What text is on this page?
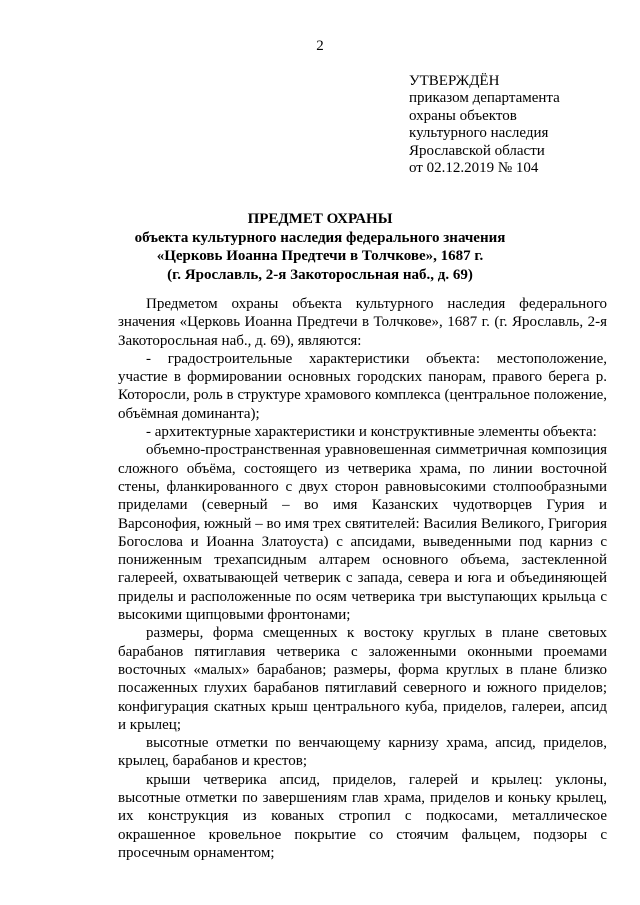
2
УТВЕРЖДЁН
приказом департамента
охраны объектов
культурного наследия
Ярославской области
от 02.12.2019 № 104
ПРЕДМЕТ ОХРАНЫ
объекта культурного наследия федерального значения
«Церковь Иоанна Предтечи в Толчкове», 1687 г.
(г. Ярославль, 2-я Закоторосльная наб., д. 69)

Предметом охраны объекта культурного наследия федерального значения «Церковь Иоанна Предтечи в Толчкове», 1687 г. (г. Ярославль, 2-я Закоторосльная наб., д. 69), являются:

- градостроительные характеристики объекта: местоположение, участие в формировании основных городских панорам, правого берега р. Которосли, роль в структуре храмового комплекса (центральное положение, объёмная доминанта);

- архитектурные характеристики и конструктивные элементы объекта:

объемно-пространственная уравновешенная симметричная композиция сложного объёма, состоящего из четверика храма, по линии восточной стены, фланкированного с двух сторон равновысокими столпообразными приделами (северный – во имя Казанских чудотворцев Гурия и Варсонофия, южный – во имя трех святителей: Василия Великого, Григория Богослова и Иоанна Златоуста) с апсидами, выведенными под карниз с пониженным трехапсидным алтарем основного объема, застекленной галереей, охватывающей четверик с запада, севера и юга и объединяющей приделы и расположенные по осям четверика три выступающих крыльца с высокими щипцовыми фронтонами;

размеры, форма смещенных к востоку круглых в плане световых барабанов пятиглавия четверика с заложенными оконными проемами восточных «малых» барабанов; размеры, форма круглых в плане близко посаженных глухих барабанов пятиглавий северного и южного приделов; конфигурация скатных крыш центрального куба, приделов, галереи, апсид и крылец;

высотные отметки по венчающему карнизу храма, апсид, приделов, крылец, барабанов и крестов;

крыши четверика апсид, приделов, галерей и крылец: уклоны, высотные отметки по завершениям глав храма, приделов и коньку крылец, их конструкция из кованых стропил с подкосами, металлическое окрашенное кровельное покрытие со стоячим фальцем, подзоры с просечным орнаментом;
